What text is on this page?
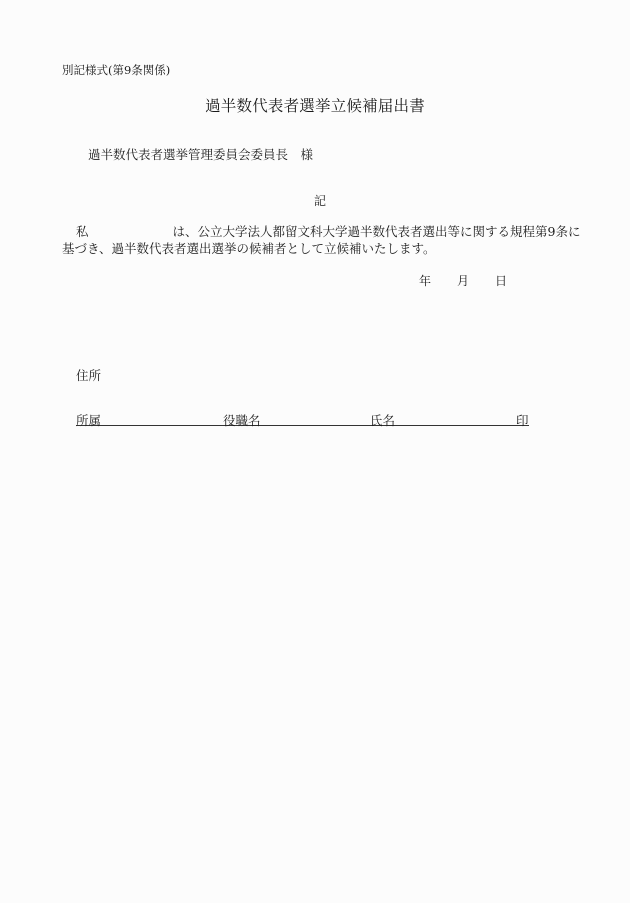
別記様式(第9条関係)
過半数代表者選挙立候補届出書
過半数代表者選挙管理委員会委員長　様
記
私	は、公立大学法人都留文科大学過半数代表者選出等に関する規程第9条に
基づき、過半数代表者選出選挙の候補者として立候補いたします。
年 月 日
住所
所属	役職名	氏名	印
